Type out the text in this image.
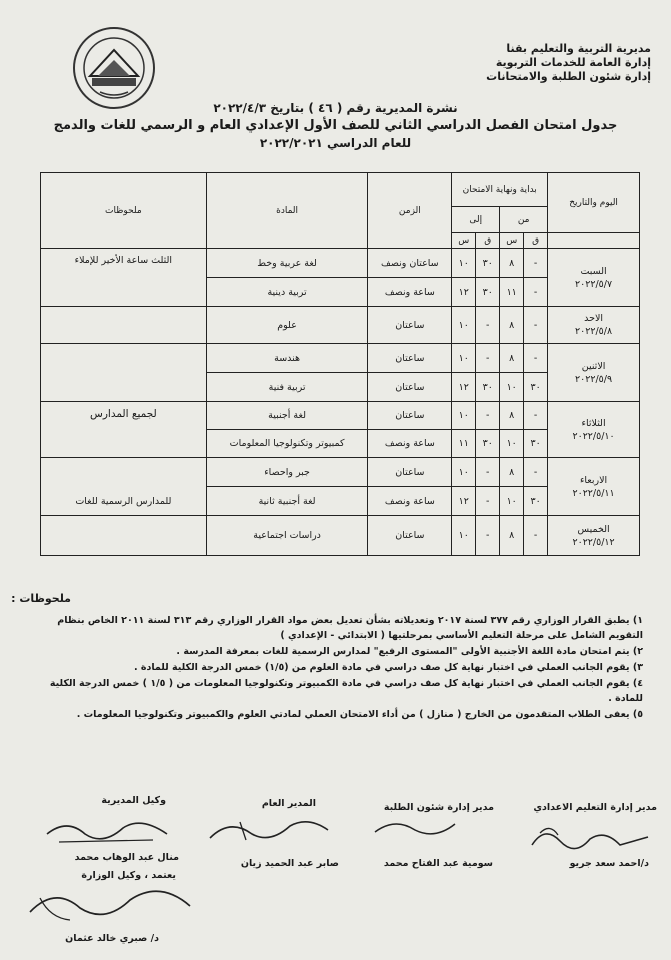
مديرية التربية والتعليم بقنا
إدارة العامة للخدمات التربوية
إدارة شئون الطلبة والامتحانات
نشرة المديرية رقم ( ٤٦ ) بتاريخ ٢٠٢٢/٤/٣
جدول امتحان الفصل الدراسي الثاني للصف الأول الإعدادي العام و الرسمي للغات والدمج
للعام الدراسي ٢٠٢٢/٢٠٢١
اليوم والتاريخ	بداية ونهاية الامتحان				الزمن	المادة	ملحوظات
	من		إلى				
	ق	س	ق	س			

السبت
٢٠٢٢/٥/٧	-	٨	٣٠	١٠	ساعتان ونصف	لغة عربية وخط	الثلث ساعة الأخير للإملاء
	-	١١	٣٠	١٢	ساعة ونصف	تربية دينية	

الاحد
٢٠٢٢/٥/٨	-	٨	-	١٠	ساعتان	علوم	

الاثنين
٢٠٢٢/٥/٩	-	٨	-	١٠	ساعتان	هندسة	
	٣٠	١٠	٣٠	١٢	ساعتان	تربية فنية	

الثلاثاء
٢٠٢٢/٥/١٠	-	٨	-	١٠	ساعتان	لغة أجنبية	لجميع المدارس
	٣٠	١٠	٣٠	١١	ساعة ونصف	كمبيوتر وتكنولوجيا المعلومات	

الاربعاء
٢٠٢٢/٥/١١	-	٨	-	١٠	ساعتان	جبر واحصاء	للمدارس الرسمية للغات
	٣٠	١٠	-	١٢	ساعة ونصف	لغة أجنبية ثانية	

الخميس
٢٠٢٢/٥/١٢	-	٨	-	١٠	ساعتان	دراسات اجتماعية	
ملحوظات :
١) يطبق القرار الوزاري رقم ٣٧٧ لسنة ٢٠١٧ وتعديلاته بشأن تعديل بعض مواد القرار الوزاري رقم ٣١٣ لسنة ٢٠١١ الخاص بنظام التقويم الشامل على مرحلة التعليم الأساسي بمرحلتيها ( الابتدائي - الإعدادي )
٢) يتم امتحان مادة اللغة الأجنبية الأولى "المستوى الرفيع" لمدارس الرسمية للغات بمعرفة المدرسة .
٣) يقوم الجانب العملي في اختبار نهاية كل صف دراسي في مادة العلوم من (١/٥) خمس الدرجة الكلية للمادة .
٤) يقوم الجانب العملي في اختبار نهاية كل صف دراسي في مادة الكمبيوتر وتكنولوجيا المعلومات من ( ١/٥ ) خمس الدرجة الكلية للمادة .
٥) يعفى الطلاب المتقدمون من الخارج ( منازل ) من أداء الامتحان العملي لمادتي العلوم والكمبيوتر وتكنولوجيا المعلومات .
مدير إدارة التعليم الاعدادي
مدير إدارة شئون الطلبة
المدير العام
وكيل المديرية
د/احمد سعد جريو
سومية عبد الفتاح محمد
صابر عبد الحميد زيان
منال عبد الوهاب محمد
يعتمد ، وكيل الوزارة
د/ صبري خالد عثمان
